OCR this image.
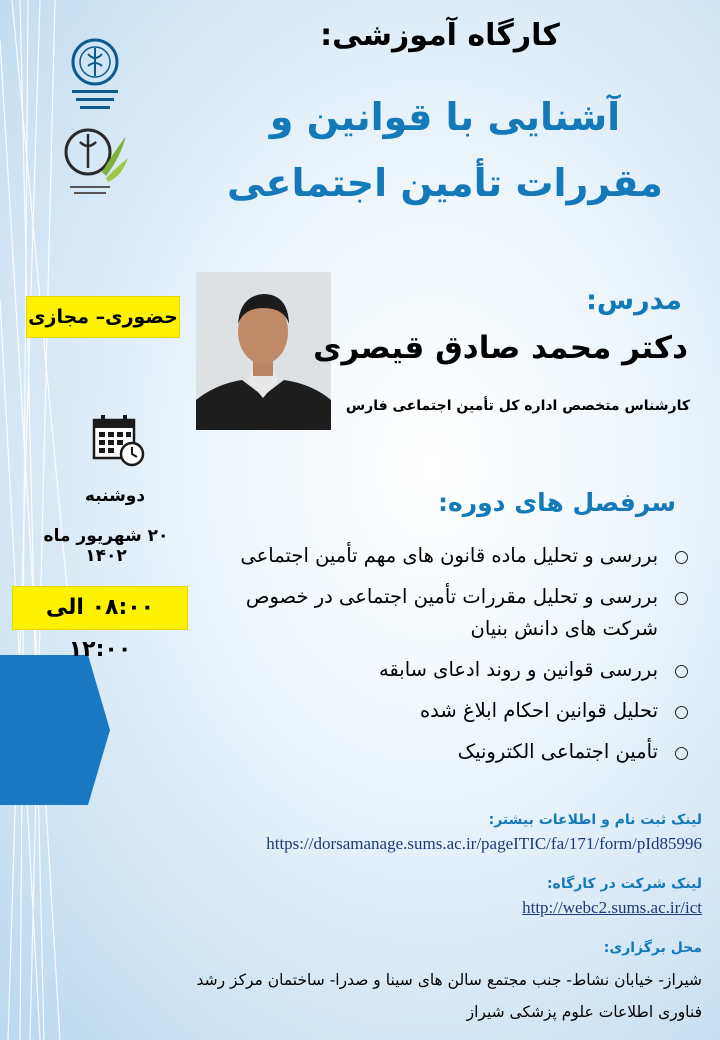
کارگاه آموزشی:
آشنایی با قوانین و مقررات تأمین اجتماعی
مدرس:
دکتر محمد صادق قیصری
کارشناس متخصص اداره کل تأمین اجتماعی فارس
حضوری– مجازی
دوشنبه
۲۰ شهریور ماه ۱۴۰۲
۰۸:۰۰ الی ۱۲:۰۰
سرفصل های دوره:
بررسی و تحلیل ماده قانون های مهم تأمین اجتماعی
بررسی و تحلیل مقررات تأمین اجتماعی در خصوص شرکت های دانش بنیان
بررسی قوانین و روند ادعای سابقه
تحلیل قوانین احکام ابلاغ شده
تأمین اجتماعی الکترونیک
لینک ثبت نام و اطلاعات بیشتر:
https://dorsamanage.sums.ac.ir/pageITIC/fa/171/form/pId85996
لینک شرکت در کارگاه:
http://webc2.sums.ac.ir/ict
محل برگزاری:
شیراز- خیابان نشاط- جنب مجتمع سالن های سینا و صدرا- ساختمان مرکز رشد فناوری اطلاعات علوم پزشکی شیراز
